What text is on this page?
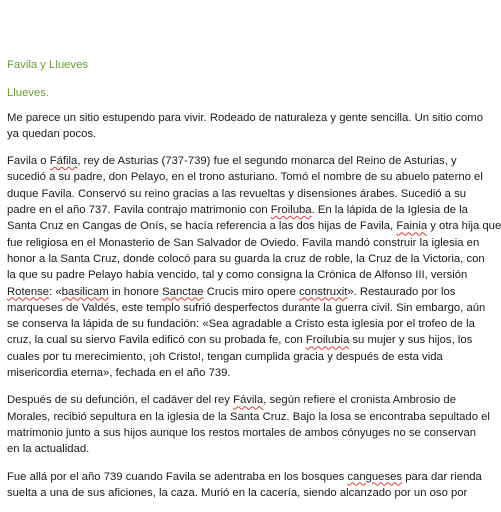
Favila y Llueves
Llueves.
Me parece un sitio estupendo para vivir. Rodeado de naturaleza y gente sencilla. Un sitio como
ya quedan pocos.
Favila o Fáfila, rey de Asturias (737-739) fue el segundo monarca del Reino de Asturias, y
sucedió a su padre, don Pelayo, en el trono asturiano. Tomó el nombre de su abuelo paterno el
duque Favila. Conservó su reino gracias a las revueltas y disensiones árabes. Sucedió a su
padre en el año 737. Favila contrajo matrimonio con Froiluba. En la lápida de la Iglesia de la
Santa Cruz en Cangas de Onís, se hacía referencia a las dos hijas de Favila, Fainia y otra hija que
fue religiosa en el Monasterio de San Salvador de Oviedo. Favila mandó construir la iglesia en
honor a la Santa Cruz, donde colocó para su guarda la cruz de roble, la Cruz de la Victoria, con
la que su padre Pelayo había vencido, tal y como consigna la Crónica de Alfonso III, versión
Rotense: «basilicam in honore Sanctae Crucis miro opere construxit». Restaurado por los
marqueses de Valdés, este templo sufrió desperfectos durante la guerra civil. Sin embargo, aún
se conserva la lápida de su fundación: «Sea agradable a Cristo esta iglesia por el trofeo de la
cruz, la cual su siervo Favila edificó con su probada fe, con Froilubia su mujer y sus hijos, los
cuales por tu merecimiento, ¡oh Cristo!, tengan cumplida gracia y después de esta vida
misericordia eterna», fechada en el año 739.
Después de su defunción, el cadáver del rey Fávila, según refiere el cronista Ambrosio de
Morales, recibió sepultura en la iglesia de la Santa Cruz. Bajo la losa se encontraba sepultado el
matrimonio junto a sus hijos aunque los restos mortales de ambos cónyuges no se conservan
en la actualidad.
Fue allá por el año 739 cuando Favila se adentraba en los bosques cangueses para dar rienda
suelta a una de sus aficiones, la caza. Murió en la cacería, siendo alcanzado por un oso por
